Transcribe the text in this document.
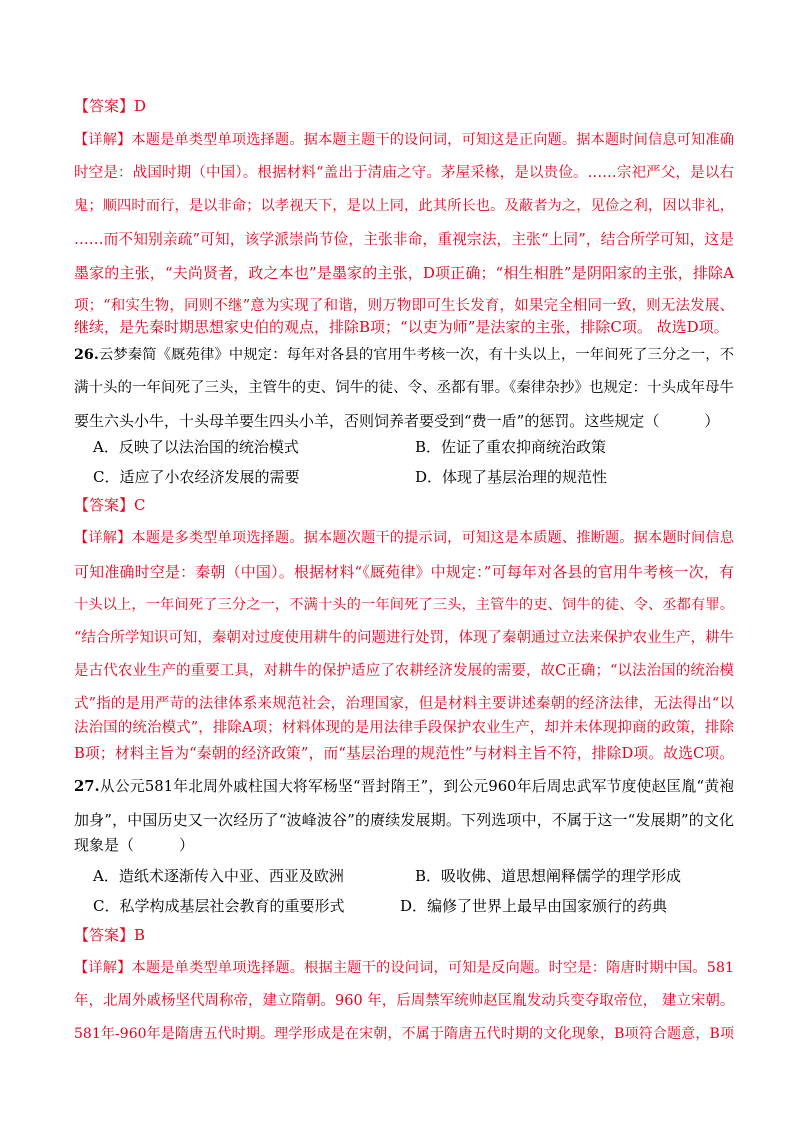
【答案】D
【详解】本题是单类型单项选择题。据本题主题干的设问词，可知这是正向题。据本题时间信息可知准确
时空是：战国时期（中国）。根据材料“盖出于清庙之守。茅屋采椽，是以贵俭。……宗祀严父，是以右
鬼；顺四时而行，是以非命；以孝视天下，是以上同，此其所长也。及蔽者为之，见俭之利，因以非礼，
……而不知别亲疏”可知，该学派崇尚节俭，主张非命，重视宗法，主张“上同”，结合所学可知，这是
墨家的主张，“夫尚贤者，政之本也”是墨家的主张，D项正确；“相生相胜”是阴阳家的主张，排除A
项；“和实生物，同则不继”意为实现了和谐，则万物即可生长发育，如果完全相同一致，则无法发展、
继续，是先秦时期思想家史伯的观点，排除B项；“以吏为师”是法家的主张，排除C项。 故选D项。
26.云梦秦简《厩苑律》中规定：每年对各县的官用牛考核一次，有十头以上，一年间死了三分之一，不
满十头的一年间死了三头，主管牛的吏、饲牛的徒、令、丞都有罪。《秦律杂抄》也规定：十头成年母牛
要生六头小牛，十头母羊要生四头小羊，否则饲养者要受到“费一盾”的惩罚。这些规定（　　　）
A．反映了以法治国的统治模式	B．佐证了重农抑商统治政策
C．适应了小农经济发展的需要	D．体现了基层治理的规范性
【答案】C
【详解】本题是多类型单项选择题。据本题次题干的提示词，可知这是本质题、推断题。据本题时间信息
可知准确时空是：秦朝（中国）。根据材料“《厩苑律》中规定：”可每年对各县的官用牛考核一次，有
十头以上，一年间死了三分之一，不满十头的一年间死了三头，主管牛的吏、饲牛的徒、令、丞都有罪。
“结合所学知识可知，秦朝对过度使用耕牛的问题进行处罚，体现了秦朝通过立法来保护农业生产，耕牛
是古代农业生产的重要工具，对耕牛的保护适应了农耕经济发展的需要，故C正确；“以法治国的统治模
式”指的是用严苛的法律体系来规范社会，治理国家，但是材料主要讲述秦朝的经济法律，无法得出“以
法治国的统治模式”，排除A项；材料体现的是用法律手段保护农业生产，却并未体现抑商的政策，排除
B项；材料主旨为“秦朝的经济政策”，而“基层治理的规范性”与材料主旨不符，排除D项。故选C项。
27.从公元581年北周外戚柱国大将军杨坚“晋封隋王”，到公元960年后周忠武军节度使赵匡胤“黄袍
加身”，中国历史又一次经历了“波峰波谷”的赓续发展期。下列选项中，不属于这一“发展期”的文化
现象是（　　　）
A．造纸术逐渐传入中亚、西亚及欧洲	B．吸收佛、道思想阐释儒学的理学形成
C．私学构成基层社会教育的重要形式	D．编修了世界上最早由国家颁行的药典
【答案】B
【详解】本题是单类型单项选择题。根据主题干的设问词，可知是反向题。时空是：隋唐时期中国。581
年，北周外戚杨坚代周称帝，建立隋朝。960 年，后周禁军统帅赵匡胤发动兵变夺取帝位， 建立宋朝。
581年-960年是隋唐五代时期。理学形成是在宋朝，不属于隋唐五代时期的文化现象，B项符合题意，B项
